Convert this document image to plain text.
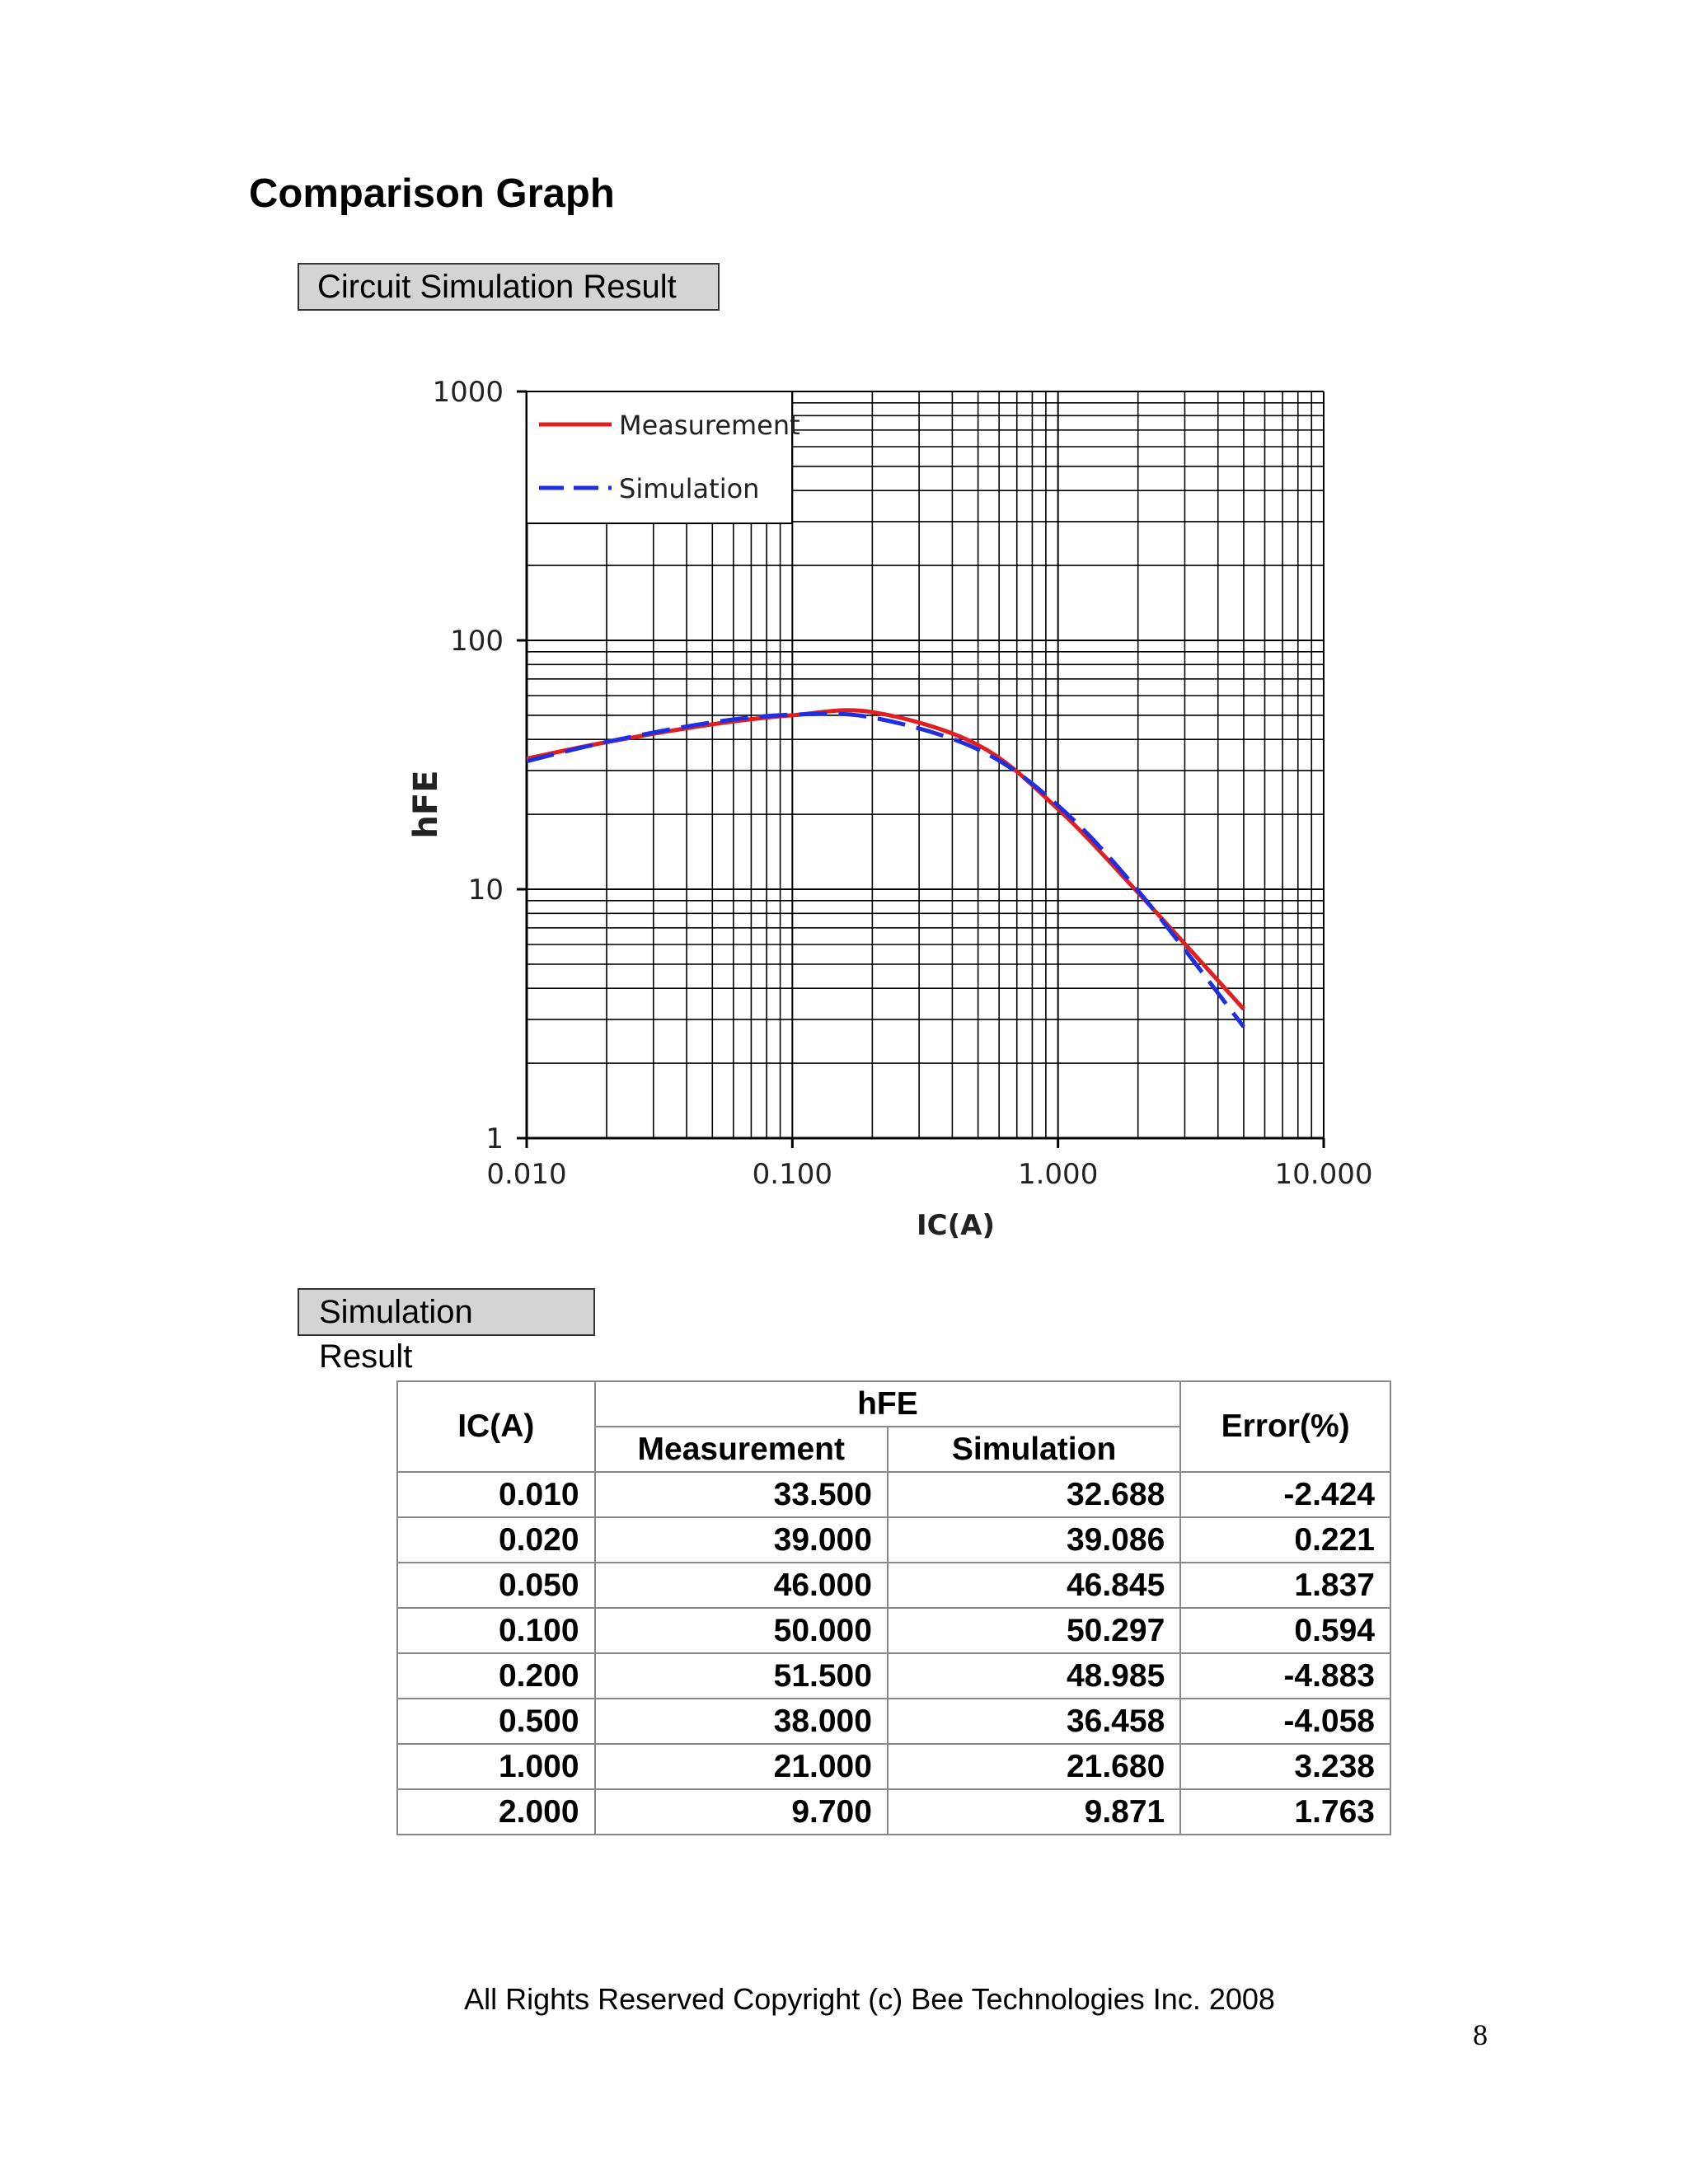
Comparison Graph
Circuit Simulation Result
1
10
100
1000
0.010	0.100	1.000	10.000
IC(A)
hFE
Measurement
Simulation
Simulation Result
IC(A)	hFE		Error(%)
	Measurement	Simulation	
0.010	33.500	32.688	-2.424
0.020	39.000	39.086	0.221
0.050	46.000	46.845	1.837
0.100	50.000	50.297	0.594
0.200	51.500	48.985	-4.883
0.500	38.000	36.458	-4.058
1.000	21.000	21.680	3.238
2.000	9.700	9.871	1.763
All Rights Reserved Copyright (c) Bee Technologies Inc. 2008
8
